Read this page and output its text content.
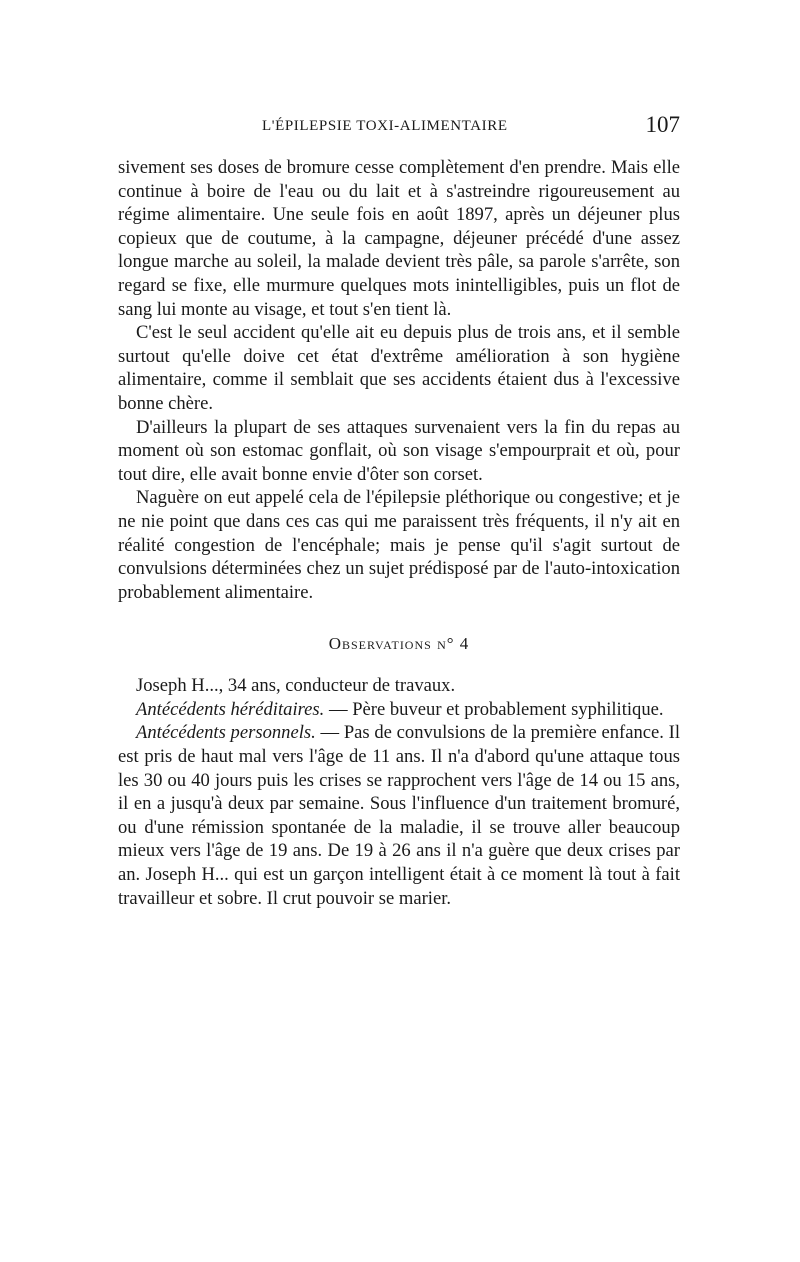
L'ÉPILEPSIE TOXI-ALIMENTAIRE	107

sivement ses doses de bromure cesse complètement d'en prendre. Mais elle continue à boire de l'eau ou du lait et à s'astreindre rigoureusement au régime alimentaire. Une seule fois en août 1897, après un déjeuner plus copieux que de coutume, à la campagne, déjeuner précédé d'une assez longue marche au soleil, la malade devient très pâle, sa parole s'arrête, son regard se fixe, elle murmure quelques mots inintelligibles, puis un flot de sang lui monte au visage, et tout s'en tient là.

C'est le seul accident qu'elle ait eu depuis plus de trois ans, et il semble surtout qu'elle doive cet état d'extrême amélioration à son hygiène alimentaire, comme il semblait que ses accidents étaient dus à l'excessive bonne chère.

D'ailleurs la plupart de ses attaques survenaient vers la fin du repas au moment où son estomac gonflait, où son visage s'empourprait et où, pour tout dire, elle avait bonne envie d'ôter son corset.

Naguère on eut appelé cela de l'épilepsie pléthorique ou congestive; et je ne nie point que dans ces cas qui me paraissent très fréquents, il n'y ait en réalité congestion de l'encéphale; mais je pense qu'il s'agit surtout de convulsions déterminées chez un sujet prédisposé par de l'auto-intoxication probablement alimentaire.

Observations n° 4

Joseph H..., 34 ans, conducteur de travaux.

Antécédents héréditaires. — Père buveur et probablement syphilitique.

Antécédents personnels. — Pas de convulsions de la première enfance. Il est pris de haut mal vers l'âge de 11 ans. Il n'a d'abord qu'une attaque tous les 30 ou 40 jours puis les crises se rapprochent vers l'âge de 14 ou 15 ans, il en a jusqu'à deux par semaine. Sous l'influence d'un traitement bromuré, ou d'une rémission spontanée de la maladie, il se trouve aller beaucoup mieux vers l'âge de 19 ans. De 19 à 26 ans il n'a guère que deux crises par an. Joseph H... qui est un garçon intelligent était à ce moment là tout à fait travailleur et sobre. Il crut pouvoir se marier.
